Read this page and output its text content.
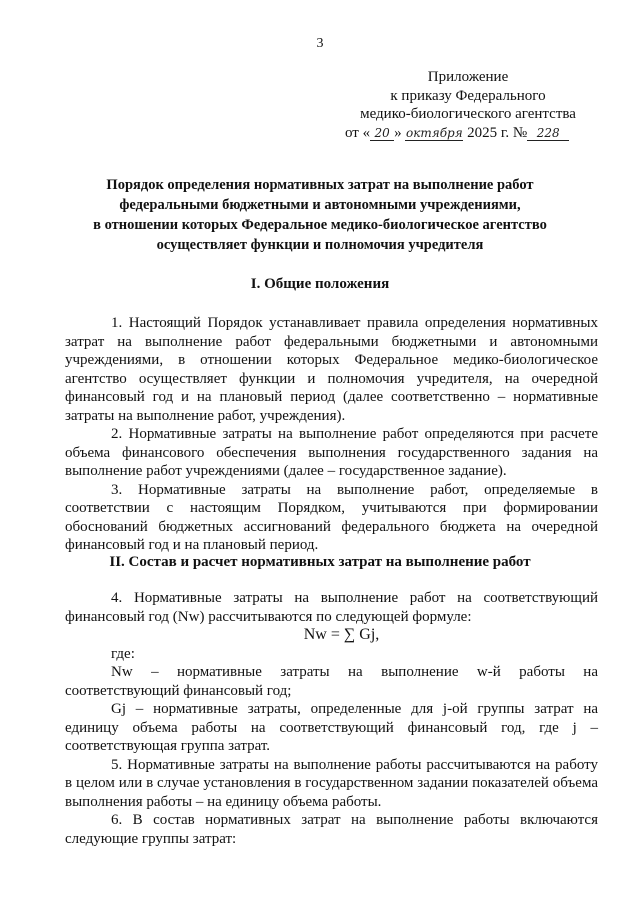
3
Приложение
к приказу Федерального
медико-биологического агентства
от « 20 » октября 2025 г. № 228
Порядок определения нормативных затрат на выполнение работ
федеральными бюджетными и автономными учреждениями,
в отношении которых Федеральное медико-биологическое агентство
осуществляет функции и полномочия учредителя
I. Общие положения

1. Настоящий Порядок устанавливает правила определения нормативных затрат на выполнение работ федеральными бюджетными и автономными учреждениями, в отношении которых Федеральное медико-биологическое агентство осуществляет функции и полномочия учредителя, на очередной финансовый год и на плановый период (далее соответственно – нормативные затраты на выполнение работ, учреждения).

2. Нормативные затраты на выполнение работ определяются при расчете объема финансового обеспечения выполнения государственного задания на выполнение работ учреждениями (далее – государственное задание).

3. Нормативные затраты на выполнение работ, определяемые в соответствии с настоящим Порядком, учитываются при формировании обоснований бюджетных ассигнований федерального бюджета на очередной финансовый год и на плановый период.

II. Состав и расчет нормативных затрат на выполнение работ

4. Нормативные затраты на выполнение работ на соответствующий финансовый год (Nw) рассчитываются по следующей формуле:

Nw = ∑ Gj,

где:

Nw – нормативные затраты на выполнение w-й работы на соответствующий финансовый год;

Gj – нормативные затраты, определенные для j-ой группы затрат на единицу объема работы на соответствующий финансовый год, где j – соответствующая группа затрат.

5. Нормативные затраты на выполнение работы рассчитываются на работу в целом или в случае установления в государственном задании показателей объема выполнения работы – на единицу объема работы.

6. В состав нормативных затрат на выполнение работы включаются следующие группы затрат:
